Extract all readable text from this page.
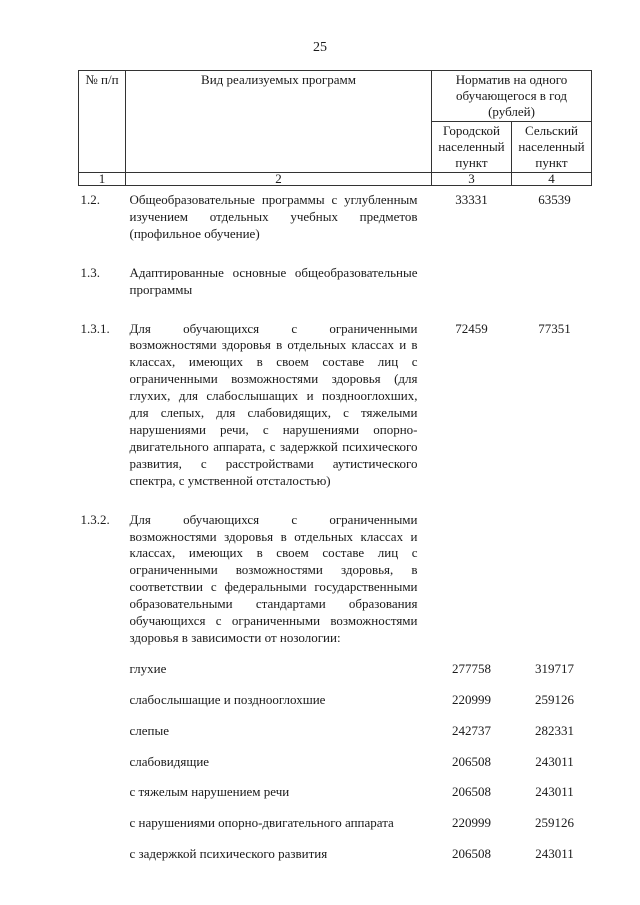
25
№ п/п	Вид реализуемых программ	Норматив на одного обучающегося в год (рублей)	
		Городской населенный пункт	Сельский населенный пункт
1	2	3	4
1.2.	Общеобразовательные программы с углубленным изучением отдельных учебных предметов (профильное обучение)	33331	63539
1.3.	Адаптированные основные общеобразовательные программы		
1.3.1.	Для обучающихся с ограниченными возможностями здоровья в отдельных классах и в классах, имеющих в своем составе лиц с ограниченными возможностями здоровья (для глухих, для слабослышащих и позднооглохших, для слепых, для слабовидящих, с тяжелыми нарушениями речи, с нарушениями опорно-двигательного аппарата, с задержкой психического развития, с расстройствами аутистического спектра, с умственной отсталостью)	72459	77351
1.3.2.	Для обучающихся с ограниченными возможностями здоровья в отдельных классах и классах, имеющих в своем составе лиц с ограниченными возможностями здоровья, в соответствии с федеральными государственными образовательными стандартами образования обучающихся с ограниченными возможностями здоровья в зависимости от нозологии:		
	глухие	277758	319717
	слабослышащие и позднооглохшие	220999	259126
	слепые	242737	282331
	слабовидящие	206508	243011
	с тяжелым нарушением речи	206508	243011
	с нарушениями опорно-двигательного аппарата	220999	259126
	с задержкой психического развития	206508	243011
